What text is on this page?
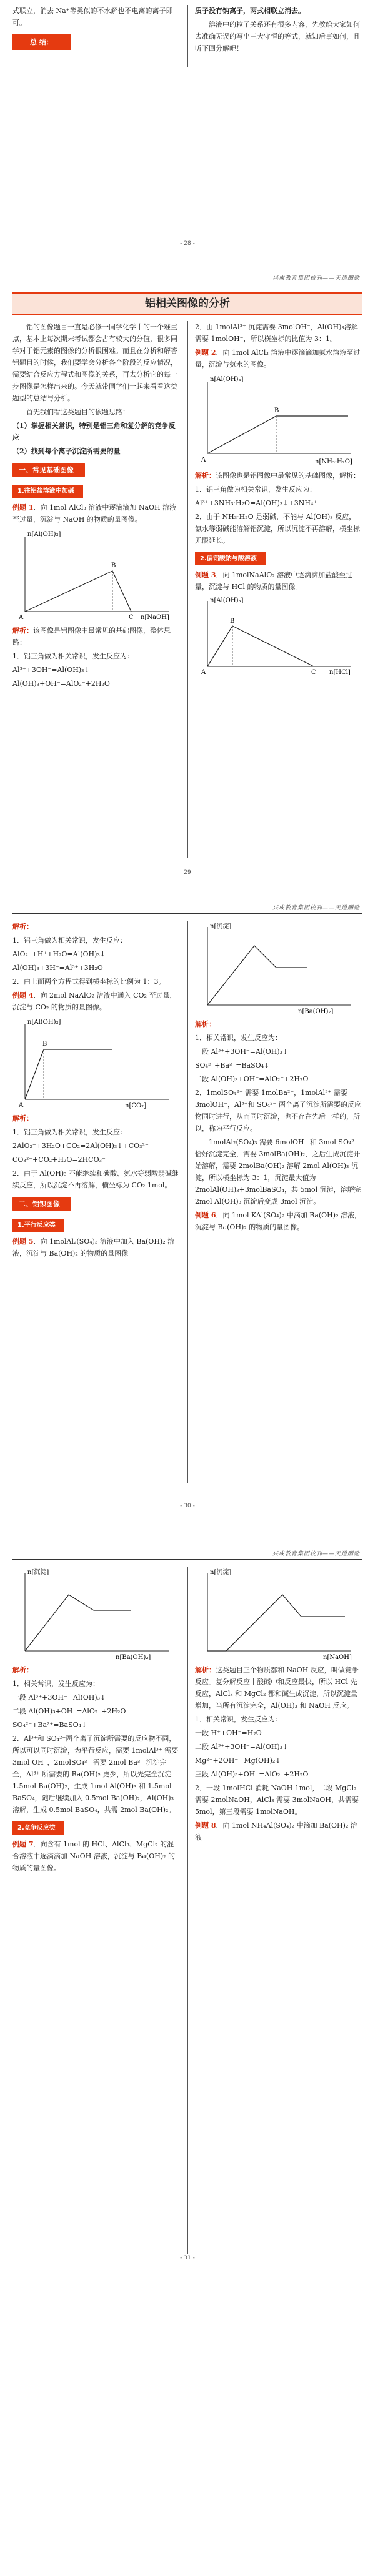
式联立，消去 Na⁺等类似的不水解也不电离的离子即可。

总 结：

质子没有钠离子，两式相联立消去。

溶液中的粒子关系还有很多内容，先教给大家如何去准确无误的写出三大守恒的等式，就知后事如何，且听下回分解吧！

- 28 -
兴成教育集团校刊——天道酬勤
铝相关图像的分析

铝的图像题目一直是必修一同学化学中的一个难重点，基本上每次期末考试都会占有较大的分值，很多同学对于铝元素的图像的分析很困难。而且在分析和解答铝题目的时候，我们要学会分析各个阶段的反应情况，需要结合反应方程式和图像的关系，再去分析它的每一步图像是怎样出来的。今天就带同学们一起来看看这类题型的总结与分析。

首先我们看这类题目的依题思路：

（1）掌握相关常识，特别是铝三角和复分解的竞争反应

（2）找到每个离子沉淀所需要的量

一、常见基础图像
1.往铝盐溶液中加碱

例题 1．向 1mol AlCl₃ 溶液中逐滴滴加 NaOH 溶液至过量，沉淀与 NaOH 的物质的量图像。

n[Al(OH)₃]
n[NaOH]
A
B
C

解析：该图像是铝图像中最常见的基础图像，整体思路：

1．铝三角做为相关常识，发生反应为：

Al³⁺+3OH⁻=Al(OH)₃↓

Al(OH)₃+OH⁻=AlO₂⁻+2H₂O

2．由 1molAl³⁺ 沉淀需要 3molOH⁻，Al(OH)₃溶解需要 1molOH⁻，所以横坐标的比值为 3：1。

例题 2．向 1mol AlCl₃ 溶液中逐滴滴加氨水溶液至过量，沉淀与氨水的图像。

n[Al(OH)₃]
n[NH₃·H₂O]
A
B

解析：该图像也是铝图像中最常见的基础图像，解析：

1．铝三角做为相关常识，发生反应为：

Al³⁺+3NH₃·H₂O=Al(OH)₃↓+3NH₄⁺

2．由于 NH₃·H₂O 是弱碱，不能与 Al(OH)₃ 反应，氨水等弱碱能溶解铝沉淀，所以沉淀不再溶解，横坐标无限延长。

2.偏铝酸钠与酸溶液

例题 3．向 1molNaAlO₂ 溶液中逐滴滴加盐酸至过量，沉淀与 HCl 的物质的量图像。

n[Al(OH)₃]
n[HCl]
A
B
C
29
兴成教育集团校刊——天道酬勤

解析：

1．铝三角做为相关常识，发生反应：

AlO₂⁻+H⁺+H₂O=Al(OH)₃↓

Al(OH)₃+3H⁺=Al³⁺+3H₂O

2．由上面两个方程式得到横坐标的比例为 1：3。

例题 4．向 2mol NaAlO₂ 溶液中通入 CO₂ 至过量，沉淀与 CO₂ 的物质的量图像。

n[Al(OH)₃]
n[CO₂]
A
B

解析：

1．铝三角做为相关常识，发生反应：

2AlO₂⁻+3H₂O+CO₂=2Al(OH)₃↓+CO₃²⁻

CO₃²⁻+CO₂+H₂O=2HCO₃⁻

2．由于 Al(OH)₃ 不能继续和碳酸、氨水等弱酸弱碱继续反应，所以沉淀不再溶解，横坐标为 CO₂ 1mol。

二、铝钡图像
1.平行反应类

例题 5．向 1molAl₂(SO₄)₃ 溶液中加入 Ba(OH)₂ 溶液，沉淀与 Ba(OH)₂ 的物质的量图像

n[沉淀]
n[Ba(OH)₂]

解析：

1．相关常识，发生反应为：

一段 Al³⁺+3OH⁻=Al(OH)₃↓

SO₄²⁻+Ba²⁺=BaSO₄↓

二段 Al(OH)₃+OH⁻=AlO₂⁻+2H₂O

2．1molSO₄²⁻ 需要 1molBa²⁺，1molAl³⁺ 需要 3molOH⁻，Al³⁺和 SO₄²⁻ 两个离子沉淀所需要的反应物同时进行，从而同时沉淀，也不存在先后一样的，所以，称为平行反应。

1molAl₂(SO₄)₃ 需要 6molOH⁻ 和 3mol SO₄²⁻ 恰好沉淀完全，需要 3molBa(OH)₂，之后生成沉淀开始溶解，需要 2molBa(OH)₂ 溶解 2mol Al(OH)₃ 沉淀，所以横坐标为 3：1，沉淀最大值为 2molAl(OH)₃+3molBaSO₄，共 5mol 沉淀，溶解完 2mol Al(OH)₃ 沉淀后变成 3mol 沉淀。

例题 6．向 1mol KAl(SO₄)₂ 中滴加 Ba(OH)₂ 溶液，沉淀与 Ba(OH)₂ 的物质的量图像。

- 30 -
兴成教育集团校刊——天道酬勤
n[沉淀]
n[Ba(OH)₂]

解析：

1．相关常识，发生反应为：

一段 Al³⁺+3OH⁻=Al(OH)₃↓

二段 Al(OH)₃+OH⁻=AlO₂⁻+2H₂O

SO₄²⁻+Ba²⁺=BaSO₄↓

2．Al³⁺和 SO₄²⁻两个离子沉淀所需要的反应物不同，所以可以同时沉淀，为平行反应，需要 1molAl³⁺ 需要 3mol OH⁻，2molSO₄²⁻ 需要 2mol Ba²⁺ 沉淀完全，Al³⁺ 所需要的 Ba(OH)₂ 更少，所以先完全沉淀 1.5mol Ba(OH)₂，生成 1mol Al(OH)₃ 和 1.5mol BaSO₄，随后继续加入 0.5mol Ba(OH)₂，Al(OH)₃ 溶解，生成 0.5mol BaSO₄，共需 2mol Ba(OH)₂。

2.竞争反应类

例题 7．向含有 1mol 的 HCl、AlCl₃、MgCl₂ 的混合溶液中逐滴滴加 NaOH 溶液，沉淀与 Ba(OH)₂ 的物质的量图像。

n[沉淀]
n[NaOH]

解析：这类题目三个物质都和 NaOH 反应，叫做竞争反应。复分解反应中酸碱中和反应最快，所以 HCl 先反应，AlCl₃ 和 MgCl₂ 都和碱生成沉淀，所以沉淀量增加，当所有沉淀完全，Al(OH)₃ 和 NaOH 反应。

1．相关常识，发生反应为：

一段 H⁺+OH⁻=H₂O

二段 Al³⁺+3OH⁻=Al(OH)₃↓

Mg²⁺+2OH⁻=Mg(OH)₂↓

三段 Al(OH)₃+OH⁻=AlO₂⁻+2H₂O

2．一段 1molHCl 消耗 NaOH 1mol，二段 MgCl₂ 需要 2molNaOH，AlCl₃ 需要 3molNaOH，共需要 5mol，第三段需要 1molNaOH。

例题 8．向 1mol NH₄Al(SO₄)₂ 中滴加 Ba(OH)₂ 溶液

- 31 -
